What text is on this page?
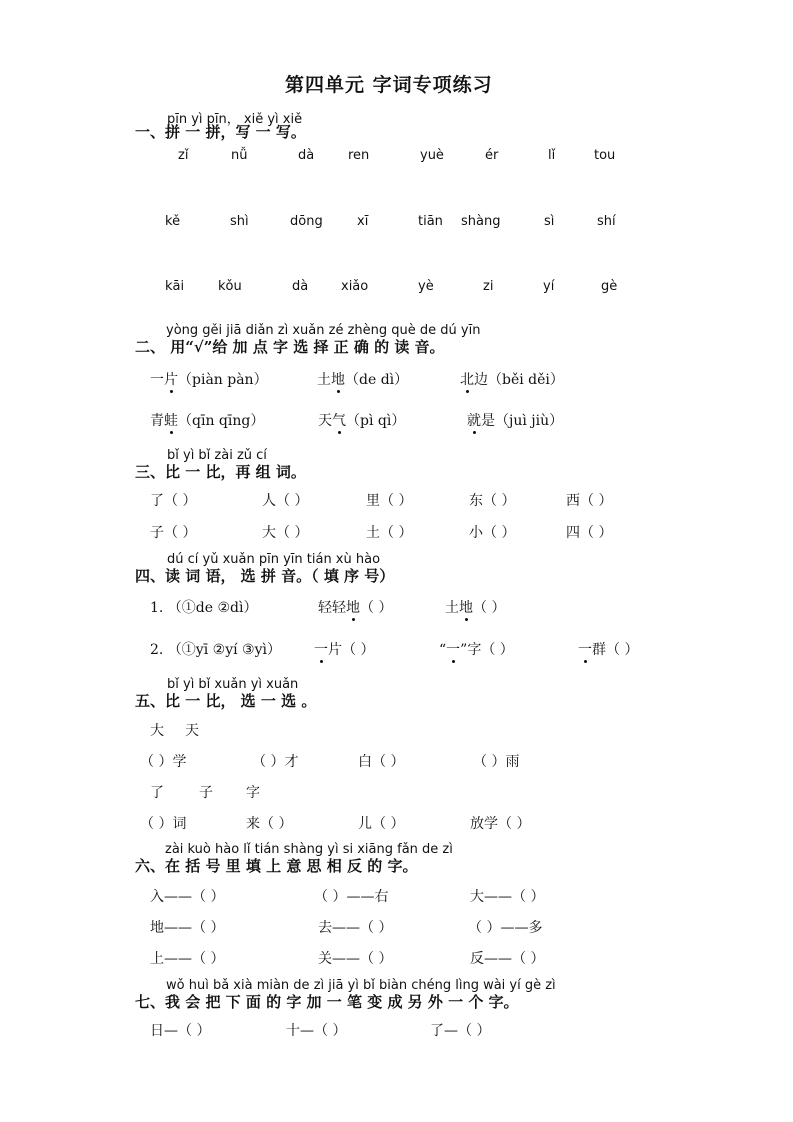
第四单元 字词专项练习
pīn yì pīn， xiě yì xiě
一、拼 一 拼，写 一 写。
zǐ	nǚ	dà	ren	yuè	ér	lǐ	tou
kě	shì	dōng	xī	tiān shàng	sì	shí
kāi	kǒu	dà	xiǎo	yè	zi	yí	gè
yòng gěi jiā diǎn zì xuǎn zé zhèng què de dú yīn
二、 用“√”给 加 点 字 选 择 正 确 的 读 音。
一片（piàn pàn）	土地（de dì）	北边（běi děi）
青蛙（qīn qīng）	天气（pì qì）	就是（juì jiù）
bǐ yì bǐ zài zǔ cí
三、比 一 比，再 组 词。
了（ ）	人（ ）	里（ ）	东（ ）	西（ ）
子（ ）	大（ ）	土（ ）	小（ ）	四（ ）
dú cí yǔ xuǎn pīn yīn tián xù hào
四、读 词 语， 选 拼 音。（ 填 序 号）
1. （①de ②dì）	轻轻地（ ）	土地（ ）
2. （①yī ②yí ③yì） 一片（ ）	“一”字（ ）	一群（ ）
bǐ yì bǐ xuǎn yì xuǎn
五、比 一 比， 选 一 选 。
大 天
（ ）学	（ ）才	白（ ）	（ ）雨
了	子 字
（ ）词	来（ ）	儿（ ）	放学（ ）
zài kuò hào lǐ tián shàng yì si xiāng fǎn de zì
六、在 括 号 里 填 上 意 思 相 反 的 字。
入——（ ）	（ ）——右	大——（ ）
地——（ ）	去——（ ）	（ ）——多
上——（ ）	关——（ ）	反——（ ）
wǒ huì bǎ xià miàn de zì jiā yì bǐ biàn chéng lìng wài yí gè zì
七、我 会 把 下 面 的 字 加 一 笔 变 成 另 外 一 个 字。
日—（ ）	十—（ ）	了—（ ）
